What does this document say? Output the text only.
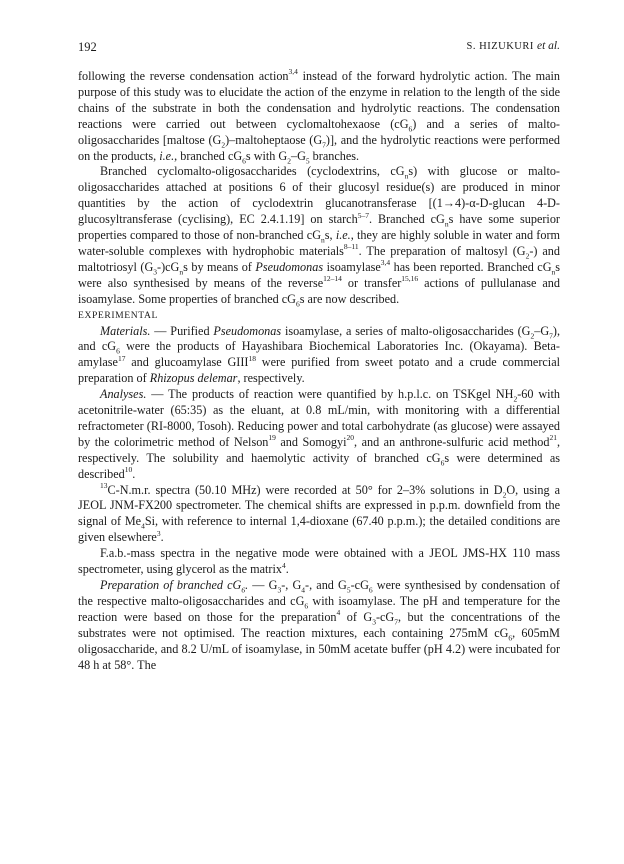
192	S. HIZUKURI et al.

following the reverse condensation action$^{3,4}$ instead of the forward hydrolytic action. The main purpose of this study was to elucidate the action of the enzyme in relation to the length of the side chains of the substrate in both the condensation and hydrolytic reactions. The condensation reactions were carried out between cyclomaltohexaose $(cG_6)$ and a series of malto-oligosaccharides [maltose $(G_2)$–maltoheptaose $(G_7)$], and the hydrolytic reactions were performed on the products, i.e., branched $cG_6s$ with $G_2-G_5$ branches.

Branched cyclomalto-oligosaccharides (cyclodextrins, $cG_ns$) with glucose or malto-oligosaccharides attached at positions 6 of their glucosyl residue(s) are produced in minor quantities by the action of cyclodextrin glucanotransferase [(1→4)-α-D-glucan 4-D-glucosyltransferase (cyclising), EC 2.4.1.19] on starch$^{5-7}$. Branched $cG_ns$ have some superior properties compared to those of non-branched $cG_ns$, i.e., they are highly soluble in water and form water-soluble complexes with hydrophobic materials$^{8-11}$. The preparation of maltosyl $(G_2-)$ and maltotriosyl $(G_3-)cG_ns$ by means of Pseudomonas isoamylase$^{3,4}$ has been reported. Branched $cG_ns$ were also synthesised by means of the reverse$^{12-14}$ or transfer$^{15,16}$ actions of pullulanase and isoamylase. Some properties of branched $cG_6s$ are now described.

EXPERIMENTAL

Materials. — Purified Pseudomonas isoamylase, a series of malto-oligosaccharides $(G_2-G_7)$, and $cG_6$ were the products of Hayashibara Biochemical Laboratories Inc. (Okayama). Beta-amylase$^{17}$ and glucoamylase GIII$^{18}$ were purified from sweet potato and a crude commercial preparation of Rhizopus delemar, respectively.

Analyses. — The products of reaction were quantified by h.p.l.c. on TSKgel $NH_2-60$ with acetonitrile-water (65:35) as the eluant, at 0.8 mL/min, with monitoring with a differential refractometer (RI-8000, Tosoh). Reducing power and total carbohydrate (as glucose) were assayed by the colorimetric method of Nelson$^{19}$ and Somogyi$^{20}$, and an anthrone-sulfuric acid method$^{21}$, respectively. The solubility and haemolytic activity of branched $cG_6s$ were determined as described$^{10}$.

$^{13}$C-N.m.r. spectra (50.10 MHz) were recorded at 50° for 2–3% solutions in $D_2O$, using a JEOL JNM-FX200 spectrometer. The chemical shifts are expressed in p.p.m. downfield from the signal of $Me_4Si$, with reference to internal 1,4-dioxane (67.40 p.p.m.); the detailed conditions are given elsewhere$^3$.

F.a.b.-mass spectra in the negative mode were obtained with a JEOL JMS-HX 110 mass spectrometer, using glycerol as the matrix$^4$.

Preparation of branched $cG_6$. — $G_3-$, $G_4-$, and $G_5-cG_6$ were synthesised by condensation of the respective malto-oligosaccharides and $cG_6$ with isoamylase. The pH and temperature for the reaction were based on those for the preparation$^4$ of $G_3-cG_7$, but the concentrations of the substrates were not optimised. The reaction mixtures, each containing 275mM $cG_6$, 605mM oligosaccharide, and 8.2 U/mL of isoamylase, in 50mM acetate buffer (pH 4.2) were incubated for 48 h at 58°. The
